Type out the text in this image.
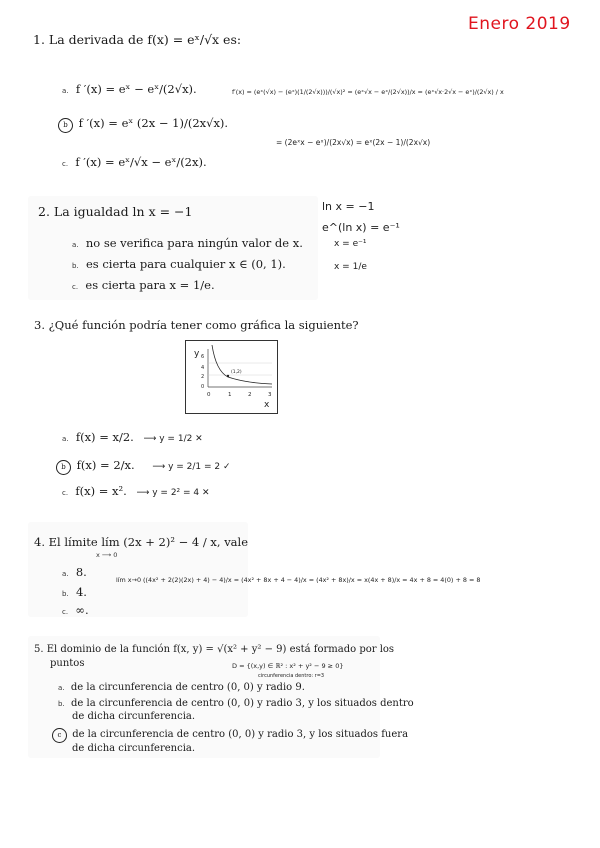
Enero 2019
1. La derivada de f(x) = eˣ/√x es:
a. f ′(x) = eˣ − eˣ/(2√x).
b f ′(x) = eˣ (2x − 1)/(2x√x).
c. f ′(x) = eˣ/√x − eˣ/(2x).
f′(x) = (eˣ(√x) − (eˣ)(1/(2√x)))/(√x)² = (eˣ√x − eˣ/(2√x))/x = (eˣ√x·2√x − eˣ)/(2√x) / x
= (2eˣx − eˣ)/(2x√x) = eˣ(2x − 1)/(2x√x)
2. La igualdad ln x = −1
a. no se verifica para ningún valor de x.
b. es cierta para cualquier x ∈ (0, 1).
c. es cierta para x = 1/e.
ln x = −1
e^(ln x) = e⁻¹
x = e⁻¹
x = 1/e
3. ¿Qué función podría tener como gráfica la siguiente?
y 6
4
2
0
0	1	2	3
x
(1,2)
a. f(x) = x/2. ⟶ y = 1/2 ✕
b f(x) = 2/x. ⟶ y = 2/1 = 2 ✓
c. f(x) = x². ⟶ y = 2² = 4 ✕
4. El límite lím (2x + 2)² − 4 / x, vale
x ⟶ 0
a. 8.
b. 4.
c. ∞.
lím x→0 ((4x² + 2(2)(2x) + 4) − 4)/x = (4x² + 8x + 4 − 4)/x = (4x² + 8x)/x = x(4x + 8)/x = 4x + 8 = 4(0) + 8 = 8
5. El dominio de la función f(x, y) = √(x² + y² − 9) está formado por los
puntos	D = {(x,y) ∈ ℝ² : x² + y² − 9 ≥ 0}
circunferencia dentro: r=3
a. de la circunferencia de centro (0, 0) y radio 9.
b. de la circunferencia de centro (0, 0) y radio 3, y los situados dentro
de dicha circunferencia.
c de la circunferencia de centro (0, 0) y radio 3, y los situados fuera
de dicha circunferencia.
